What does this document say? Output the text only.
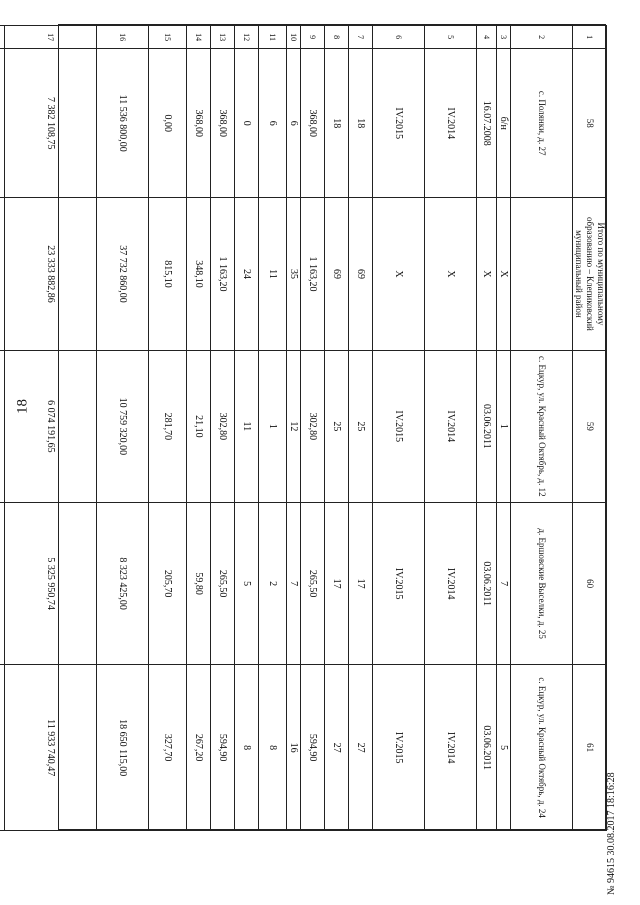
18
1	58	Итого по муниципальному образованию – Клепиковский муниципальный район	59	60	61
2	с. Полянки, д. 27		с. Ецкур, ул. Красный Октябрь, д. 12	д. Ершовские Выселки, д. 25	с. Ецкур, ул. Красный Октябрь, д. 24
3	б/н	X	1	7	5
4	16.07.2008	X	03.06.2011	03.06.2011	03.06.2011
5	IV.2014	X	IV.2014	IV.2014	IV.2014
6	IV.2015	X	IV.2015	IV.2015	IV.2015
7	18	69	25	17	27
8	18	69	25	17	27
9	368,00	1 163,20	302,80	265,50	594,90
10	6	35	12	7	16
11	6	11	1	2	8
12	0	24	11	5	8
13	368,00	1 163,20	302,80	265,50	594,90
14	368,00	348,10	21,10	59,80	267,20
15	0,00	815,10	281,70	205,70	327,70
16	11 536 800,00	37 732 860,00	10 759 320,00	8 323 425,00	18 650 115,00
17	7 382 108,75	23 333 882,86	6 074 191,65	5 325 950,74	11 933 740,47

№ 94615 30.08.2017 18:16:28
